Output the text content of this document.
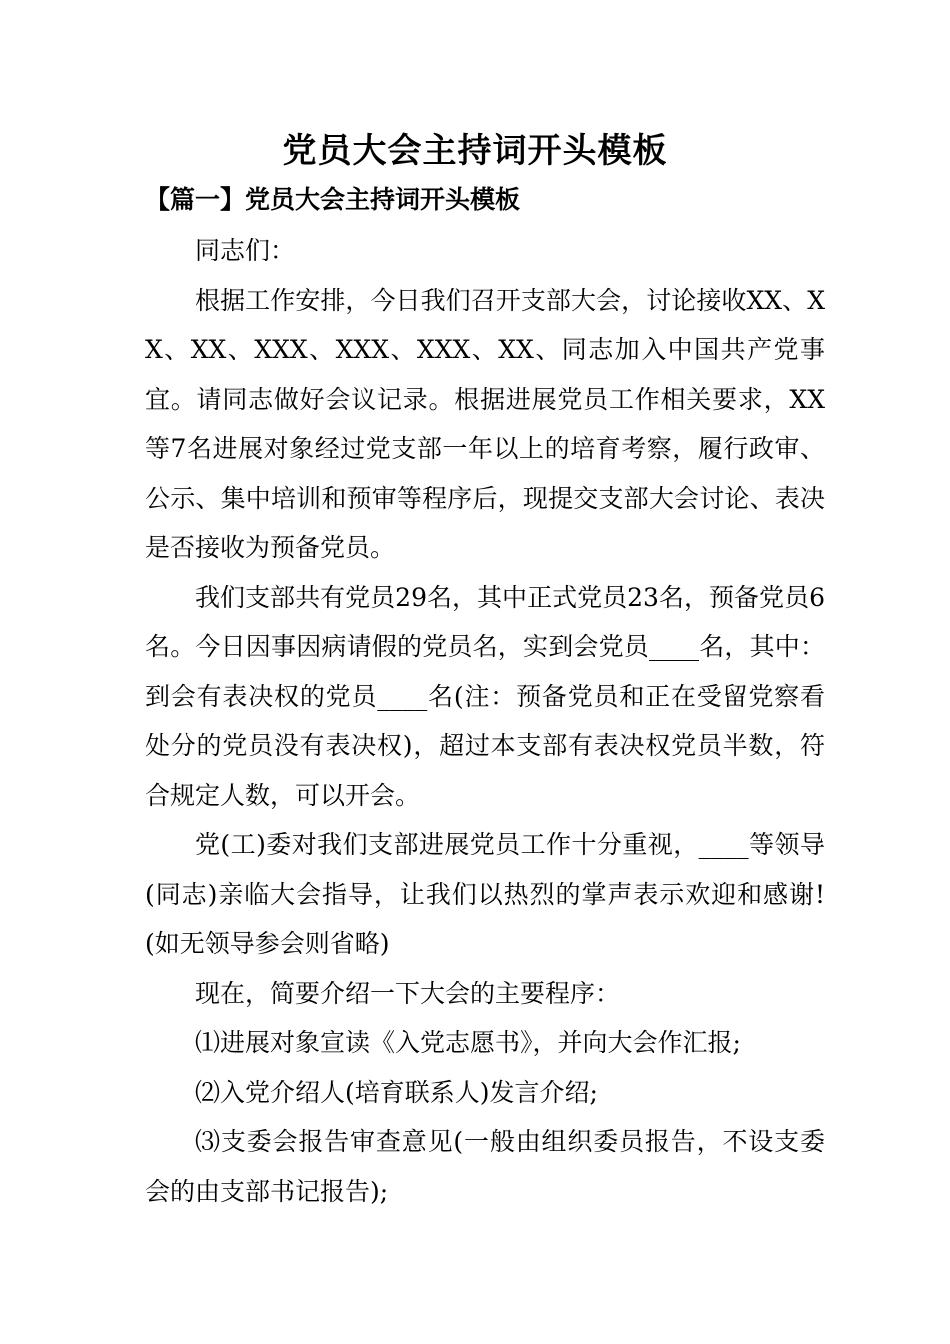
党员大会主持词开头模板
【篇一】党员大会主持词开头模板

同志们：

根据工作安排，今日我们召开支部大会，讨论接收XX、XX、XX、XXX、XXX、XXX、XX、同志加入中国共产党事宜。请同志做好会议记录。根据进展党员工作相关要求，XX等7名进展对象经过党支部一年以上的培育考察，履行政审、公示、集中培训和预审等程序后，现提交支部大会讨论、表决是否接收为预备党员。

我们支部共有党员29名，其中正式党员23名，预备党员6名。今日因事因病请假的党员名，实到会党员____名，其中：到会有表决权的党员____名(注：预备党员和正在受留党察看处分的党员没有表决权)，超过本支部有表决权党员半数，符合规定人数，可以开会。

党(工)委对我们支部进展党员工作十分重视，____等领导(同志)亲临大会指导，让我们以热烈的掌声表示欢迎和感谢!(如无领导参会则省略)

现在，简要介绍一下大会的主要程序：

⑴进展对象宣读《入党志愿书》，并向大会作汇报;

⑵入党介绍人(培育联系人)发言介绍;

⑶支委会报告审查意见(一般由组织委员报告，不设支委会的由支部书记报告);
